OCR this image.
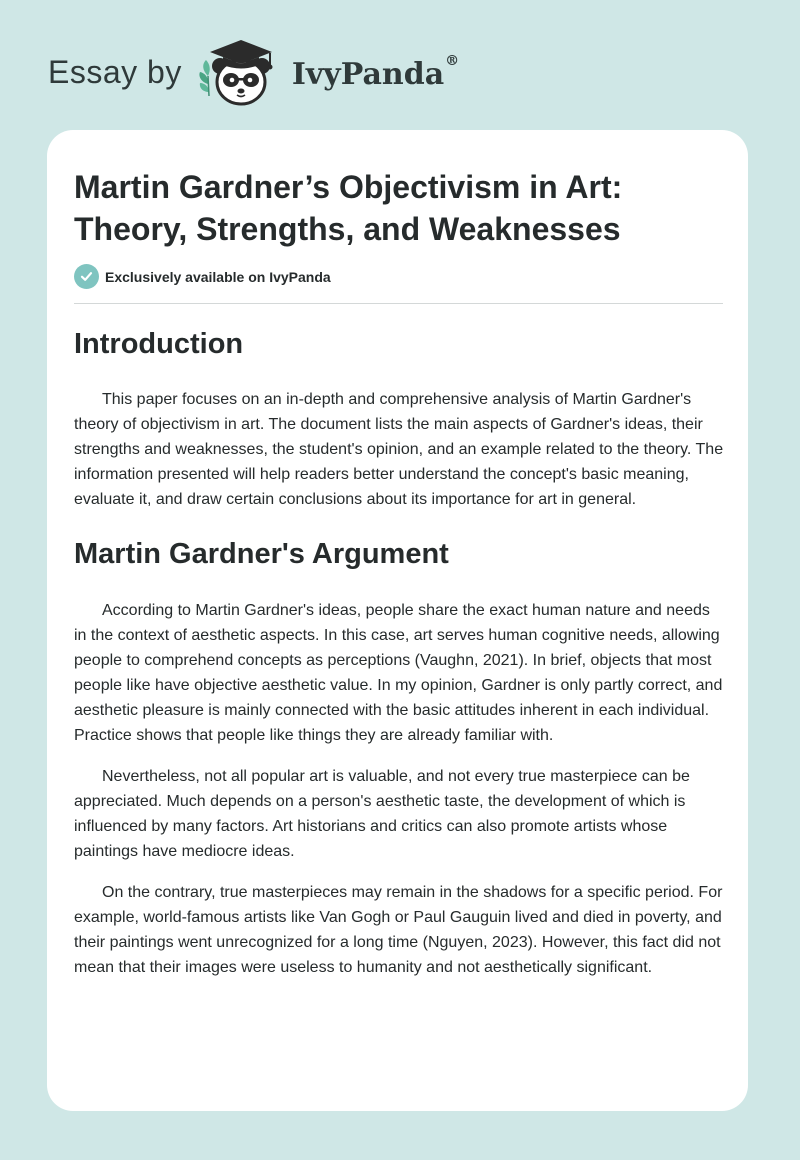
Essay by	IvyPanda®
Martin Gardner’s Objectivism in Art: Theory, Strengths, and Weaknesses
Exclusively available on IvyPanda
Introduction

This paper focuses on an in-depth and comprehensive analysis of Martin Gardner's theory of objectivism in art. The document lists the main aspects of Gardner's ideas, their strengths and weaknesses, the student's opinion, and an example related to the theory. The information presented will help readers better understand the concept's basic meaning, evaluate it, and draw certain conclusions about its importance for art in general.

Martin Gardner's Argument

According to Martin Gardner's ideas, people share the exact human nature and needs in the context of aesthetic aspects. In this case, art serves human cognitive needs, allowing people to comprehend concepts as perceptions (Vaughn, 2021). In brief, objects that most people like have objective aesthetic value. In my opinion, Gardner is only partly correct, and aesthetic pleasure is mainly connected with the basic attitudes inherent in each individual. Practice shows that people like things they are already familiar with.

Nevertheless, not all popular art is valuable, and not every true masterpiece can be appreciated. Much depends on a person's aesthetic taste, the development of which is influenced by many factors. Art historians and critics can also promote artists whose paintings have mediocre ideas.

On the contrary, true masterpieces may remain in the shadows for a specific period. For example, world-famous artists like Van Gogh or Paul Gauguin lived and died in poverty, and their paintings went unrecognized for a long time (Nguyen, 2023). However, this fact did not mean that their images were useless to humanity and not aesthetically significant.
